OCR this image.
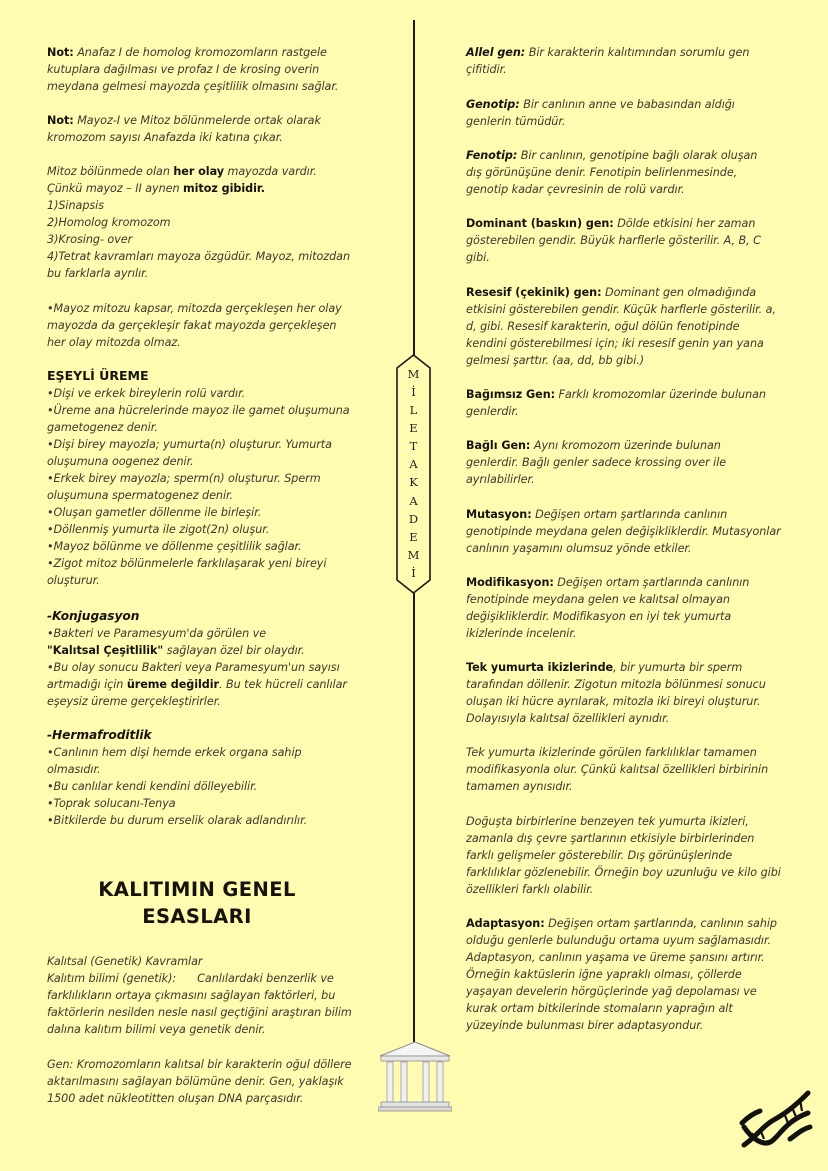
Not: Anafaz I de homolog kromozomların rastgele kutuplara dağılması ve profaz I de krosing overin meydana gelmesi mayozda çeşitlilik olmasını sağlar.
Not: Mayoz-I ve Mitoz bölünmelerde ortak olarak kromozom sayısı Anafazda iki katına çıkar.
Mitoz bölünmede olan her olay mayozda vardır.
Çünkü mayoz – II aynen mitoz gibidir.
1)Sinapsis
2)Homolog kromozom
3)Krosing- over
4)Tetrat kavramları mayoza özgüdür. Mayoz, mitozdan bu farklarla ayrılır.
•Mayoz mitozu kapsar, mitozda gerçekleşen her olay mayozda da gerçekleşir fakat mayozda gerçekleşen her olay mitozda olmaz.
EŞEYLİ ÜREME
•Dişi ve erkek bireylerin rolü vardır.
•Üreme ana hücrelerinde mayoz ile gamet oluşumuna gametogenez denir.
•Dişi birey mayozla; yumurta(n) oluşturur. Yumurta oluşumuna oogenez denir.
•Erkek birey mayozla; sperm(n) oluşturur. Sperm oluşumuna spermatogenez denir.
•Oluşan gametler döllenme ile birleşir.
•Döllenmiş yumurta ile zigot(2n) oluşur.
•Mayoz bölünme ve döllenme çeşitlilik sağlar.
•Zigot mitoz bölünmelerle farklılaşarak yeni bireyi oluşturur.
-Konjugasyon
•Bakteri ve Paramesyum'da görülen ve
"Kalıtsal Çeşitlilik" sağlayan özel bir olaydır.
•Bu olay sonucu Bakteri veya Paramesyum'un sayısı artmadığı için üreme değildir. Bu tek hücreli canlılar eşeysiz üreme gerçekleştirirler.
-Hermafroditlik
•Canlının hem dişi hemde erkek organa sahip olmasıdır.
•Bu canlılar kendi kendini dölleyebilir.
•Toprak solucanı-Tenya
•Bitkilerde bu durum erselik olarak adlandırılır.
Kalıtsal (Genetik) Kavramlar
Kalıtım bilimi (genetik):      Canlılardaki benzerlik ve farklılıkların ortaya çıkmasını sağlayan faktörleri, bu faktörlerin nesilden nesle nasıl geçtiğini araştıran bilim dalına kalıtım bilimi veya genetik denir.
Gen: Kromozomların kalıtsal bir karakterin oğul döllere aktarılmasını sağlayan bölümüne denir. Gen, yaklaşık 1500 adet nükleotitten oluşan DNA parçasıdır.
KALITIMIN GENEL
ESASLARI
M
İ
L
E
T
A
K
A
D
E
M
İ
Allel gen: Bir karakterin kalıtımından sorumlu gen çifitidir.
Genotip: Bir canlının anne ve babasından aldığı genlerin tümüdür.
Fenotip: Bir canlının, genotipine bağlı olarak oluşan dış görünüşüne denir. Fenotipin belirlenmesinde, genotip kadar çevresinin de rolü vardır.
Dominant (baskın) gen: Dölde etkisini her zaman gösterebilen gendir. Büyük harflerle gösterilir. A, B, C gibi.
Resesif (çekinik) gen: Dominant gen olmadığında etkisini gösterebilen gendir. Küçük harflerle gösterilir. a, d, gibi. Resesif karakterin, oğul dölün fenotipinde kendini gösterebilmesi için; iki resesif genin yan yana gelmesi şarttır. (aa, dd, bb gibi.)
Bağımsız Gen: Farklı kromozomlar üzerinde bulunan genlerdir.
Bağlı Gen: Aynı kromozom üzerinde bulunan genlerdir. Bağlı genler sadece krossing over ile ayrılabilirler.
Mutasyon: Değişen ortam şartlarında canlının genotipinde meydana gelen değişikliklerdir. Mutasyonlar canlının yaşamını olumsuz yönde etkiler.
Modifikasyon: Değişen ortam şartlarında canlının fenotipinde meydana gelen ve kalıtsal olmayan değişikliklerdir. Modifikasyon en iyi tek yumurta ikizlerinde incelenir.
Tek yumurta ikizlerinde, bir yumurta bir sperm tarafından döllenir. Zigotun mitozla bölünmesi sonucu oluşan iki hücre ayrılarak, mitozla iki bireyi oluşturur. Dolayısıyla kalıtsal özellikleri aynıdır.
Tek yumurta ikizlerinde görülen farklılıklar tamamen modifikasyonla olur. Çünkü kalıtsal özellikleri birbirinin tamamen aynısıdır.
Doğuşta birbirlerine benzeyen tek yumurta ikizleri, zamanla dış çevre şartlarının etkisiyle birbirlerinden farklı gelişmeler gösterebilir. Dış görünüşlerinde farklılıklar gözlenebilir. Örneğin boy uzunluğu ve kilo gibi özellikleri farklı olabilir.
Adaptasyon: Değişen ortam şartlarında, canlının sahip olduğu genlerle bulunduğu ortama uyum sağlamasıdır. Adaptasyon, canlının yaşama ve üreme şansını artırır. Örneğin kaktüslerin iğne yapraklı olması, çöllerde yaşayan develerin hörgüçlerinde yağ depolaması ve kurak ortam bitkilerinde stomaların yaprağın alt yüzeyinde bulunması birer adaptasyondur.
